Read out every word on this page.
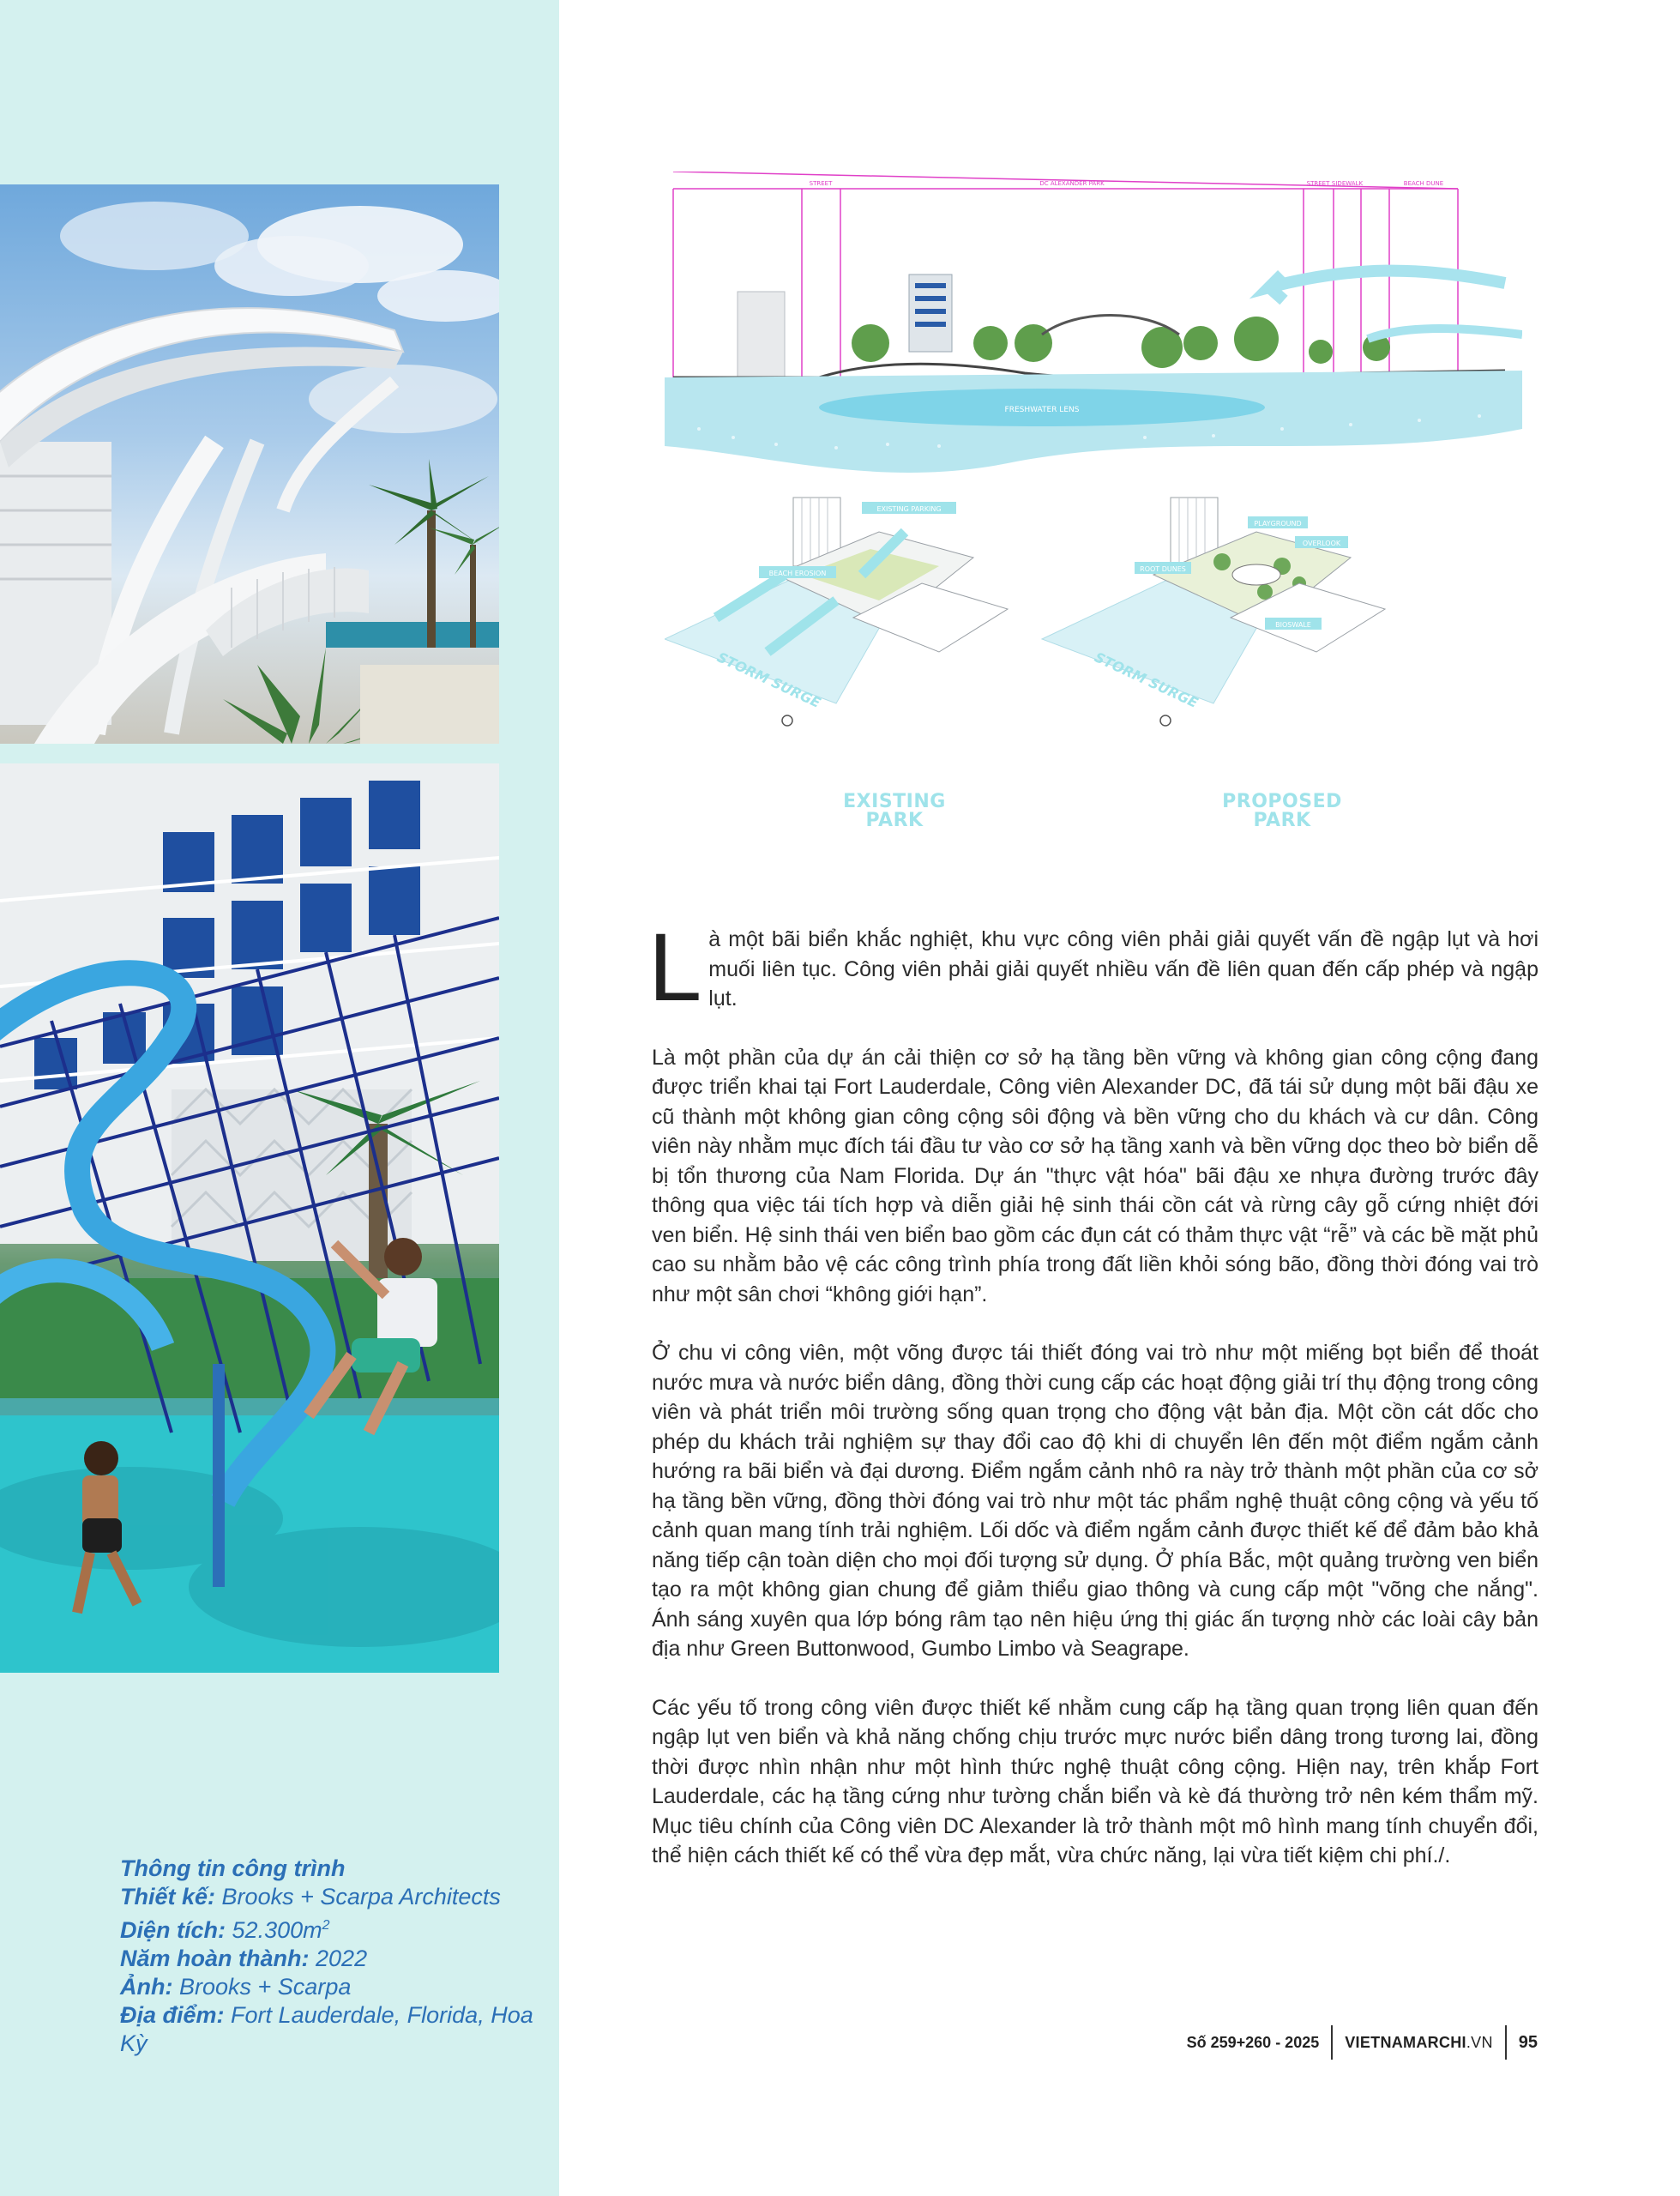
STREET	DC ALEXANDER PARK	STREET SIDEWALK	BEACH DUNE
FRESHWATER LENS
BEACH EROSION
EXISTING PARKING
STORM SURGE
ROOT DUNES
PLAYGROUND
OVERLOOK
BIOSWALE
STORM SURGE
EXISTING
PARK
PROPOSED
PARK

Là một bãi biển khắc nghiệt, khu vực công viên phải giải quyết vấn đề ngập lụt và hơi muối liên tục. Công viên phải giải quyết nhiều vấn đề liên quan đến cấp phép và ngập lụt.

Là một phần của dự án cải thiện cơ sở hạ tầng bền vững và không gian công cộng đang được triển khai tại Fort Lauderdale, Công viên Alexander DC, đã tái sử dụng một bãi đậu xe cũ thành một không gian công cộng sôi động và bền vững cho du khách và cư dân. Công viên này nhằm mục đích tái đầu tư vào cơ sở hạ tầng xanh và bền vững dọc theo bờ biển dễ bị tổn thương của Nam Florida. Dự án "thực vật hóa" bãi đậu xe nhựa đường trước đây thông qua việc tái tích hợp và diễn giải hệ sinh thái cồn cát và rừng cây gỗ cứng nhiệt đới ven biển. Hệ sinh thái ven biển bao gồm các đụn cát có thảm thực vật “rễ” và các bề mặt phủ cao su nhằm bảo vệ các công trình phía trong đất liền khỏi sóng bão, đồng thời đóng vai trò như một sân chơi “không giới hạn”.

Ở chu vi công viên, một võng được tái thiết đóng vai trò như một miếng bọt biển để thoát nước mưa và nước biển dâng, đồng thời cung cấp các hoạt động giải trí thụ động trong công viên và phát triển môi trường sống quan trọng cho động vật bản địa. Một cồn cát dốc cho phép du khách trải nghiệm sự thay đổi cao độ khi di chuyển lên đến một điểm ngắm cảnh hướng ra bãi biển và đại dương. Điểm ngắm cảnh nhô ra này trở thành một phần của cơ sở hạ tầng bền vững, đồng thời đóng vai trò như một tác phẩm nghệ thuật công cộng và yếu tố cảnh quan mang tính trải nghiệm. Lối dốc và điểm ngắm cảnh được thiết kế để đảm bảo khả năng tiếp cận toàn diện cho mọi đối tượng sử dụng. Ở phía Bắc, một quảng trường ven biển tạo ra một không gian chung để giảm thiểu giao thông và cung cấp một "võng che nắng". Ánh sáng xuyên qua lớp bóng râm tạo nên hiệu ứng thị giác ấn tượng nhờ các loài cây bản địa như Green Buttonwood, Gumbo Limbo và Seagrape.

Các yếu tố trong công viên được thiết kế nhằm cung cấp hạ tầng quan trọng liên quan đến ngập lụt ven biển và khả năng chống chịu trước mực nước biển dâng trong tương lai, đồng thời được nhìn nhận như một hình thức nghệ thuật công cộng. Hiện nay, trên khắp Fort Lauderdale, các hạ tầng cứng như tường chắn biển và kè đá thường trở nên kém thẩm mỹ. Mục tiêu chính của Công viên DC Alexander là trở thành một mô hình mang tính chuyển đổi, thể hiện cách thiết kế có thể vừa đẹp mắt, vừa chức năng, lại vừa tiết kiệm chi phí./.

Thông tin công trình
Thiết kế: Brooks + Scarpa Architects
Diện tích: $52.300m^2$
Năm hoàn thành: 2022
Ảnh: Brooks + Scarpa
Địa điểm: Fort Lauderdale, Florida, Hoa Kỳ	Số 259+260 - 2025 VIETNAMARCHI.VN 95
